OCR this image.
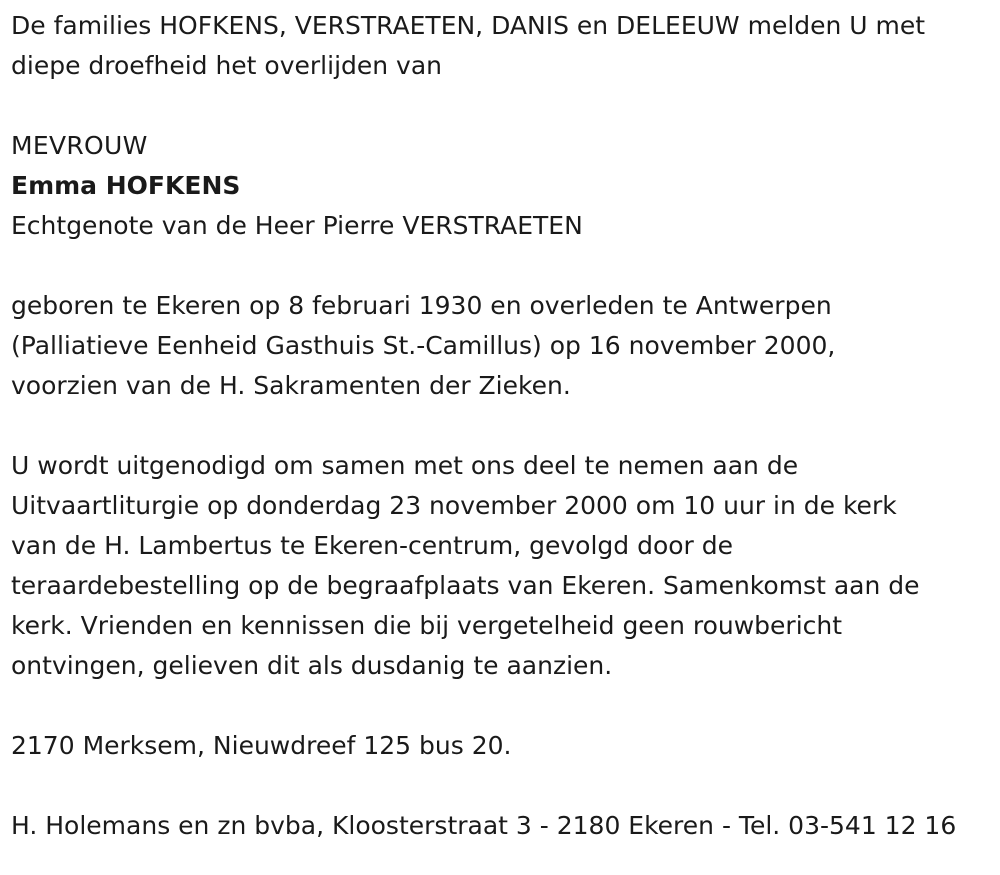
De families HOFKENS, VERSTRAETEN, DANIS en DELEEUW melden U met

diepe droefheid het overlijden van

MEVROUW

Emma HOFKENS

Echtgenote van de Heer Pierre VERSTRAETEN

geboren te Ekeren op 8 februari 1930 en overleden te Antwerpen

(Palliatieve Eenheid Gasthuis St.-Camillus) op 16 november 2000,

voorzien van de H. Sakramenten der Zieken.

U wordt uitgenodigd om samen met ons deel te nemen aan de

Uitvaartliturgie op donderdag 23 november 2000 om 10 uur in de kerk

van de H. Lambertus te Ekeren-centrum, gevolgd door de

teraardebestelling op de begraafplaats van Ekeren. Samenkomst aan de

kerk. Vrienden en kennissen die bij vergetelheid geen rouwbericht

ontvingen, gelieven dit als dusdanig te aanzien.

2170 Merksem, Nieuwdreef 125 bus 20.

H. Holemans en zn bvba, Kloosterstraat 3 - 2180 Ekeren - Tel. 03-541 12 16
